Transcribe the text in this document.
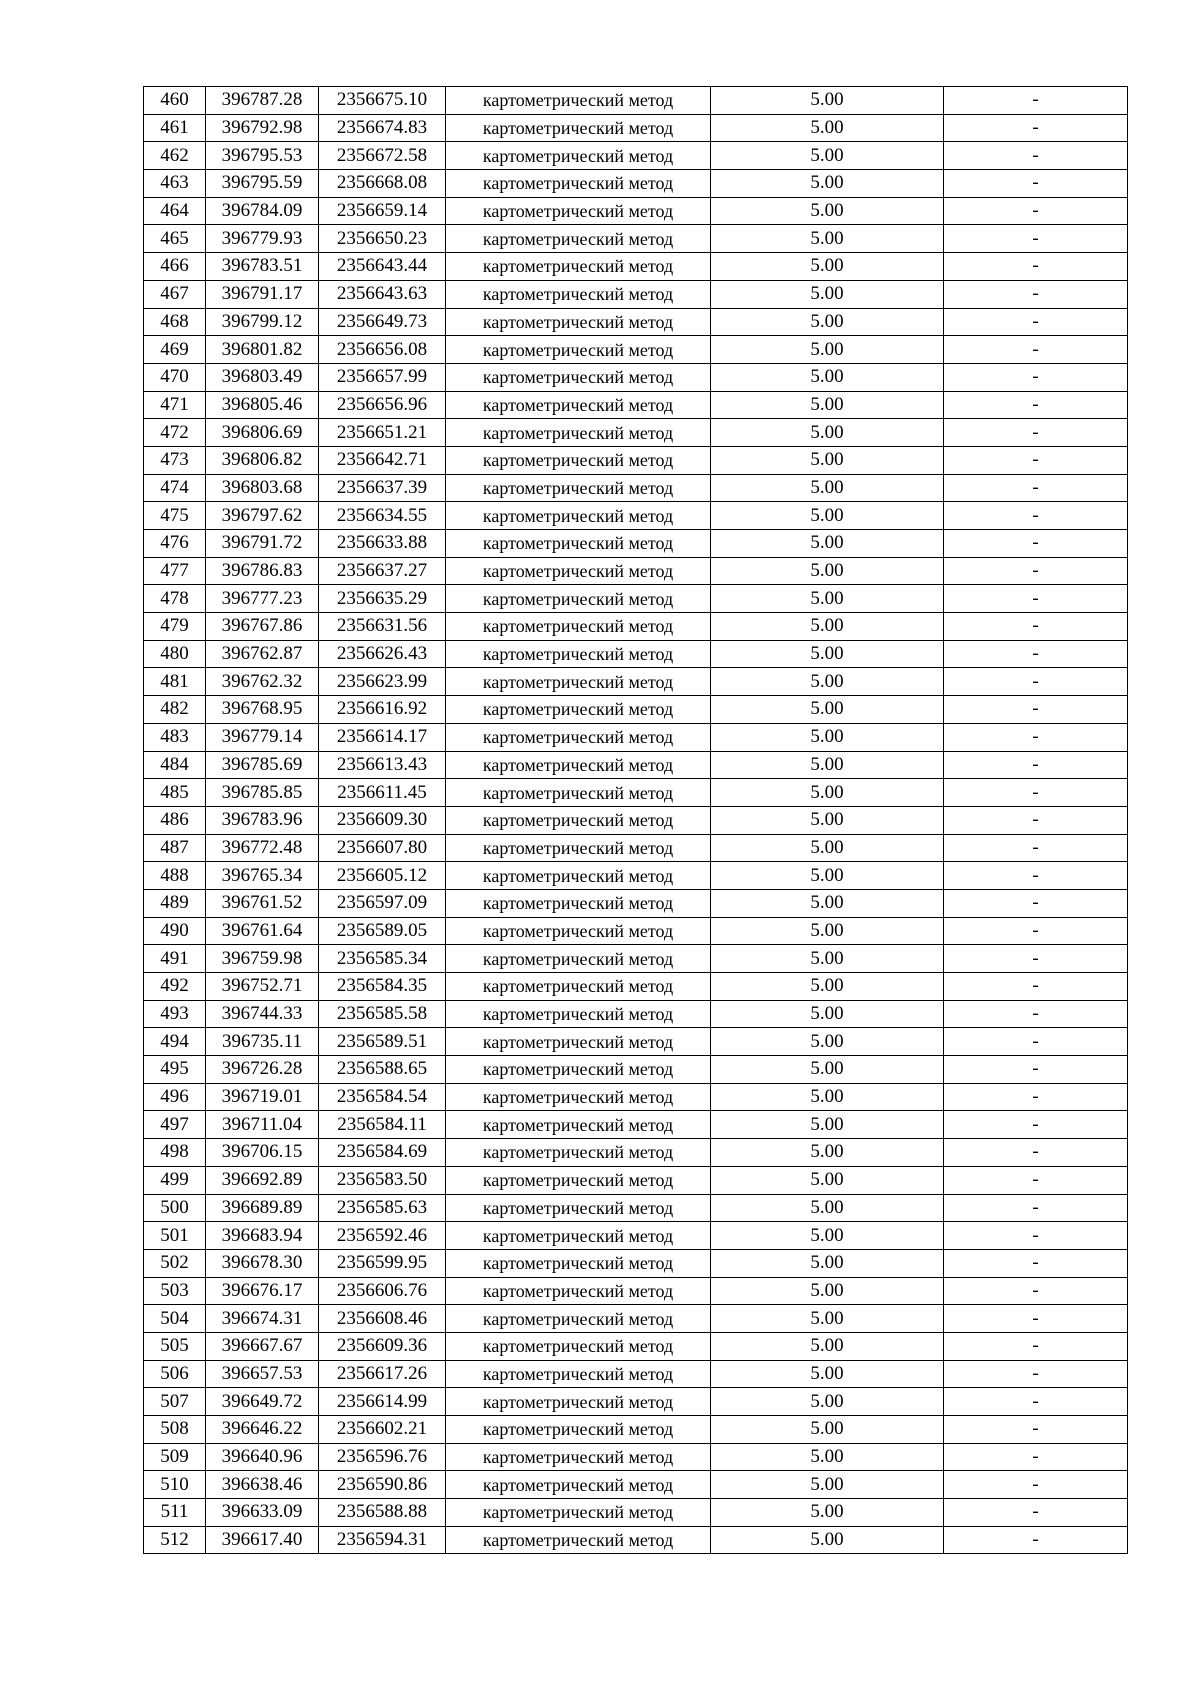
460	396787.28	2356675.10	картометрический метод	5.00	-
461	396792.98	2356674.83	картометрический метод	5.00	-
462	396795.53	2356672.58	картометрический метод	5.00	-
463	396795.59	2356668.08	картометрический метод	5.00	-
464	396784.09	2356659.14	картометрический метод	5.00	-
465	396779.93	2356650.23	картометрический метод	5.00	-
466	396783.51	2356643.44	картометрический метод	5.00	-
467	396791.17	2356643.63	картометрический метод	5.00	-
468	396799.12	2356649.73	картометрический метод	5.00	-
469	396801.82	2356656.08	картометрический метод	5.00	-
470	396803.49	2356657.99	картометрический метод	5.00	-
471	396805.46	2356656.96	картометрический метод	5.00	-
472	396806.69	2356651.21	картометрический метод	5.00	-
473	396806.82	2356642.71	картометрический метод	5.00	-
474	396803.68	2356637.39	картометрический метод	5.00	-
475	396797.62	2356634.55	картометрический метод	5.00	-
476	396791.72	2356633.88	картометрический метод	5.00	-
477	396786.83	2356637.27	картометрический метод	5.00	-
478	396777.23	2356635.29	картометрический метод	5.00	-
479	396767.86	2356631.56	картометрический метод	5.00	-
480	396762.87	2356626.43	картометрический метод	5.00	-
481	396762.32	2356623.99	картометрический метод	5.00	-
482	396768.95	2356616.92	картометрический метод	5.00	-
483	396779.14	2356614.17	картометрический метод	5.00	-
484	396785.69	2356613.43	картометрический метод	5.00	-
485	396785.85	2356611.45	картометрический метод	5.00	-
486	396783.96	2356609.30	картометрический метод	5.00	-
487	396772.48	2356607.80	картометрический метод	5.00	-
488	396765.34	2356605.12	картометрический метод	5.00	-
489	396761.52	2356597.09	картометрический метод	5.00	-
490	396761.64	2356589.05	картометрический метод	5.00	-
491	396759.98	2356585.34	картометрический метод	5.00	-
492	396752.71	2356584.35	картометрический метод	5.00	-
493	396744.33	2356585.58	картометрический метод	5.00	-
494	396735.11	2356589.51	картометрический метод	5.00	-
495	396726.28	2356588.65	картометрический метод	5.00	-
496	396719.01	2356584.54	картометрический метод	5.00	-
497	396711.04	2356584.11	картометрический метод	5.00	-
498	396706.15	2356584.69	картометрический метод	5.00	-
499	396692.89	2356583.50	картометрический метод	5.00	-
500	396689.89	2356585.63	картометрический метод	5.00	-
501	396683.94	2356592.46	картометрический метод	5.00	-
502	396678.30	2356599.95	картометрический метод	5.00	-
503	396676.17	2356606.76	картометрический метод	5.00	-
504	396674.31	2356608.46	картометрический метод	5.00	-
505	396667.67	2356609.36	картометрический метод	5.00	-
506	396657.53	2356617.26	картометрический метод	5.00	-
507	396649.72	2356614.99	картометрический метод	5.00	-
508	396646.22	2356602.21	картометрический метод	5.00	-
509	396640.96	2356596.76	картометрический метод	5.00	-
510	396638.46	2356590.86	картометрический метод	5.00	-
511	396633.09	2356588.88	картометрический метод	5.00	-
512	396617.40	2356594.31	картометрический метод	5.00	-
